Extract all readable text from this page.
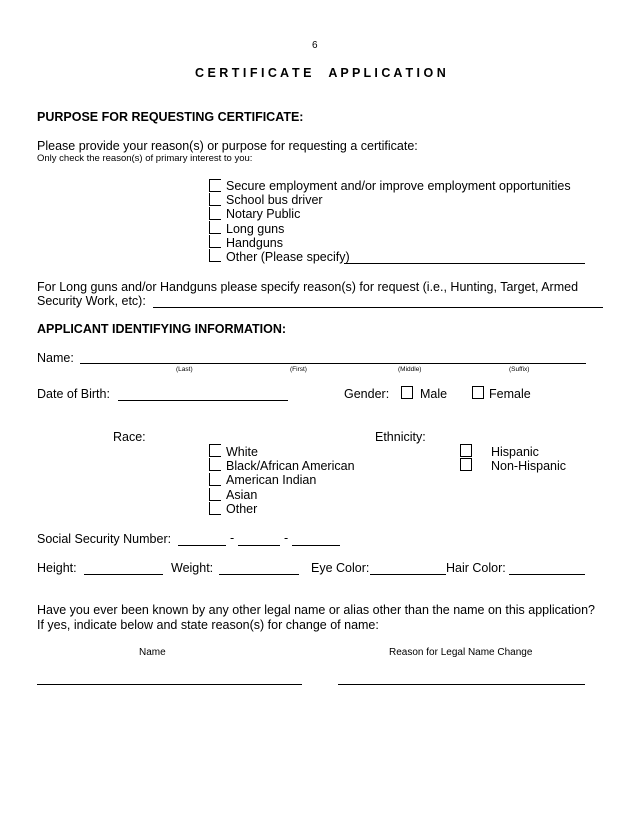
6
C E R T I F I C A T E     A P P L I C A T I O N
PURPOSE FOR REQUESTING CERTIFICATE:
Please provide your reason(s) or purpose for requesting a certificate:
Only check the reason(s) of primary interest to you:
Secure employment and/or improve employment opportunities
School bus driver
Notary Public
Long guns
Handguns
Other (Please specify)
For Long guns and/or Handguns please specify reason(s) for request (i.e., Hunting, Target, Armed
Security Work, etc):
APPLICANT IDENTIFYING INFORMATION:
Name:
(Last)	(First)	(Middle)	(Suffix)
Date of Birth:	Gender: Male	Female
Race:
White
Black/African American
American Indian
Asian
Other
Ethnicity:
Hispanic
Non-Hispanic
Social Security Number:	-	-
Height:	Weight:	Eye Color:	Hair Color:
Have you ever been known by any other legal name or alias other than the name on this application?
If yes, indicate below and state reason(s) for change of name:
Name	Reason for Legal Name Change
